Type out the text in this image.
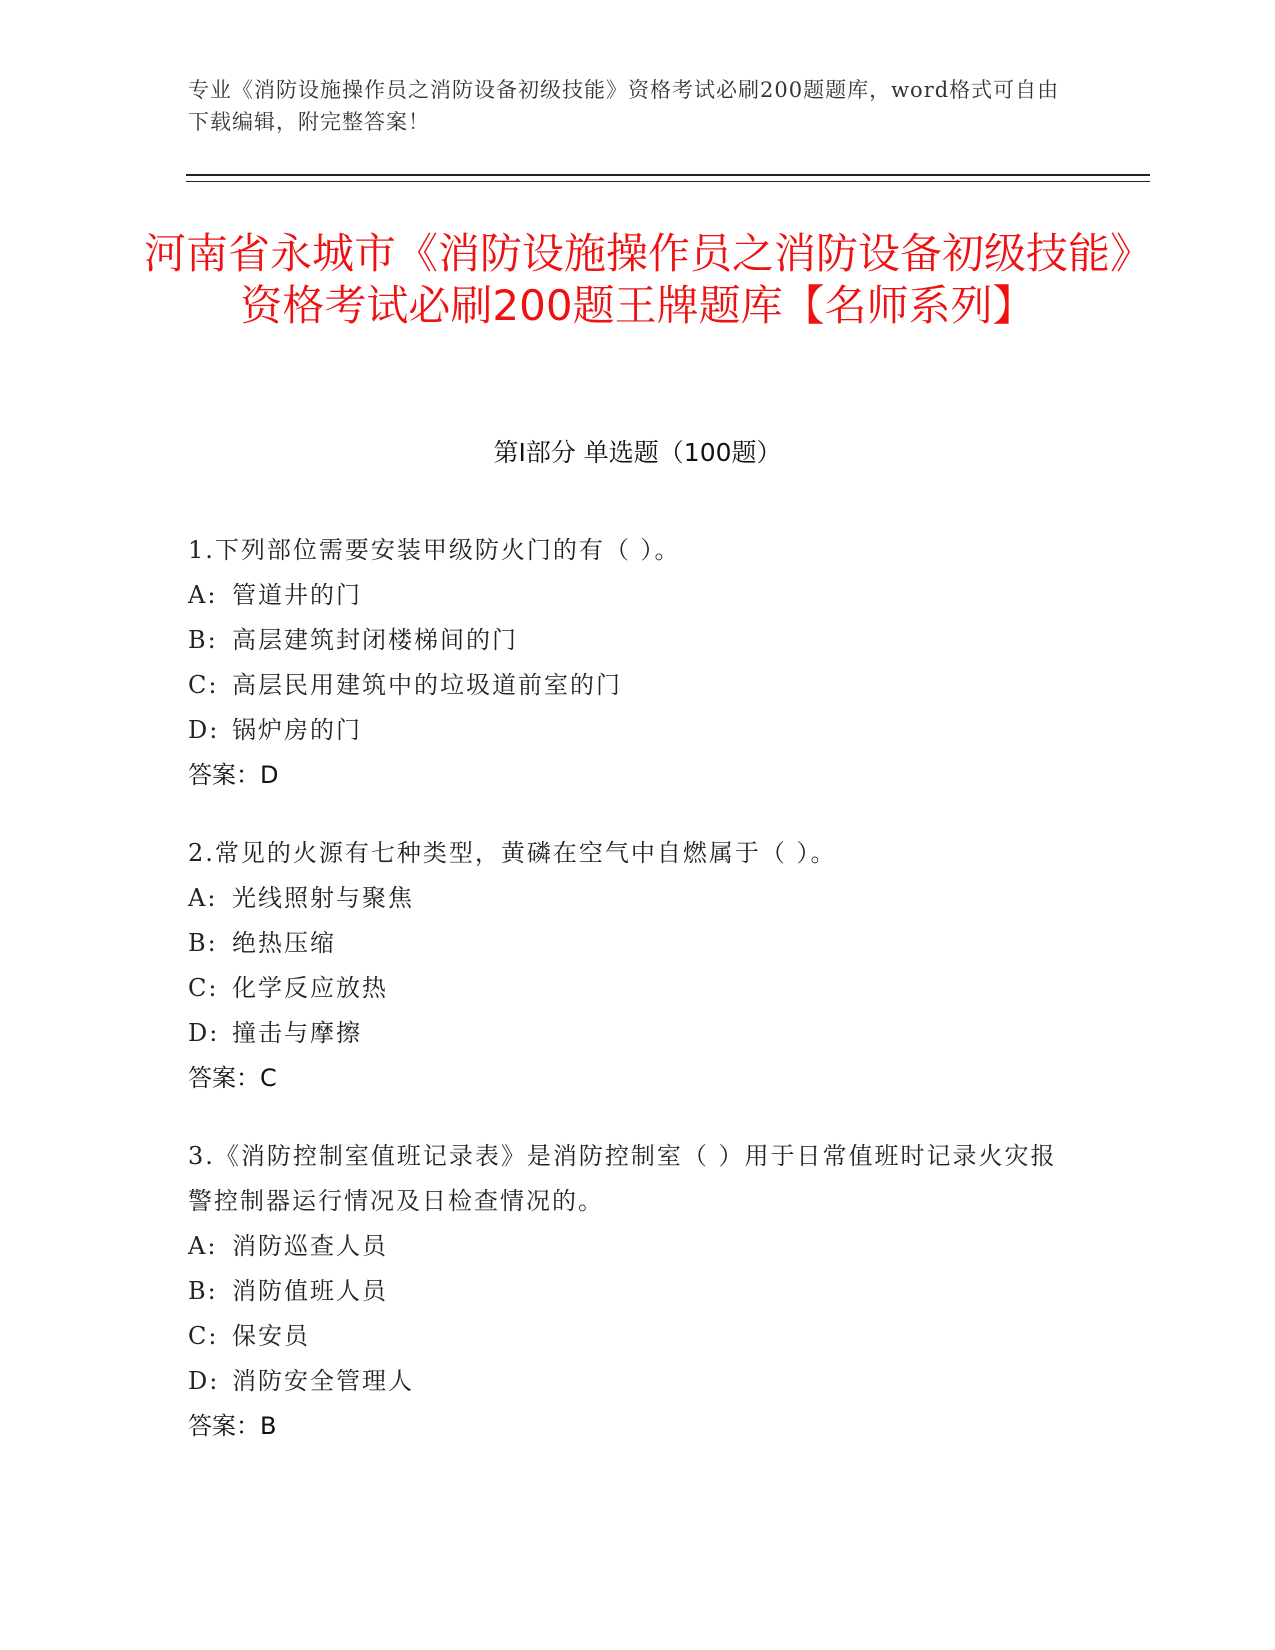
专业《消防设施操作员之消防设备初级技能》资格考试必刷200题题库，word格式可自由下载编辑，附完整答案！

河南省永城市《消防设施操作员之消防设备初级技能》资格考试必刷200题王牌题库【名师系列】
第Ⅰ部分 单选题（100题）

1.下列部位需要安装甲级防火门的有（ ）。

A: 管道井的门

B: 高层建筑封闭楼梯间的门

C: 高层民用建筑中的垃圾道前室的门

D: 锅炉房的门

答案：D

2.常见的火源有七种类型，黄磷在空气中自燃属于（ ）。

A: 光线照射与聚焦

B: 绝热压缩

C: 化学反应放热

D: 撞击与摩擦

答案：C

3.《消防控制室值班记录表》是消防控制室（ ）用于日常值班时记录火灾报警控制器运行情况及日检查情况的。

A: 消防巡查人员

B: 消防值班人员

C: 保安员

D: 消防安全管理人

答案：B
